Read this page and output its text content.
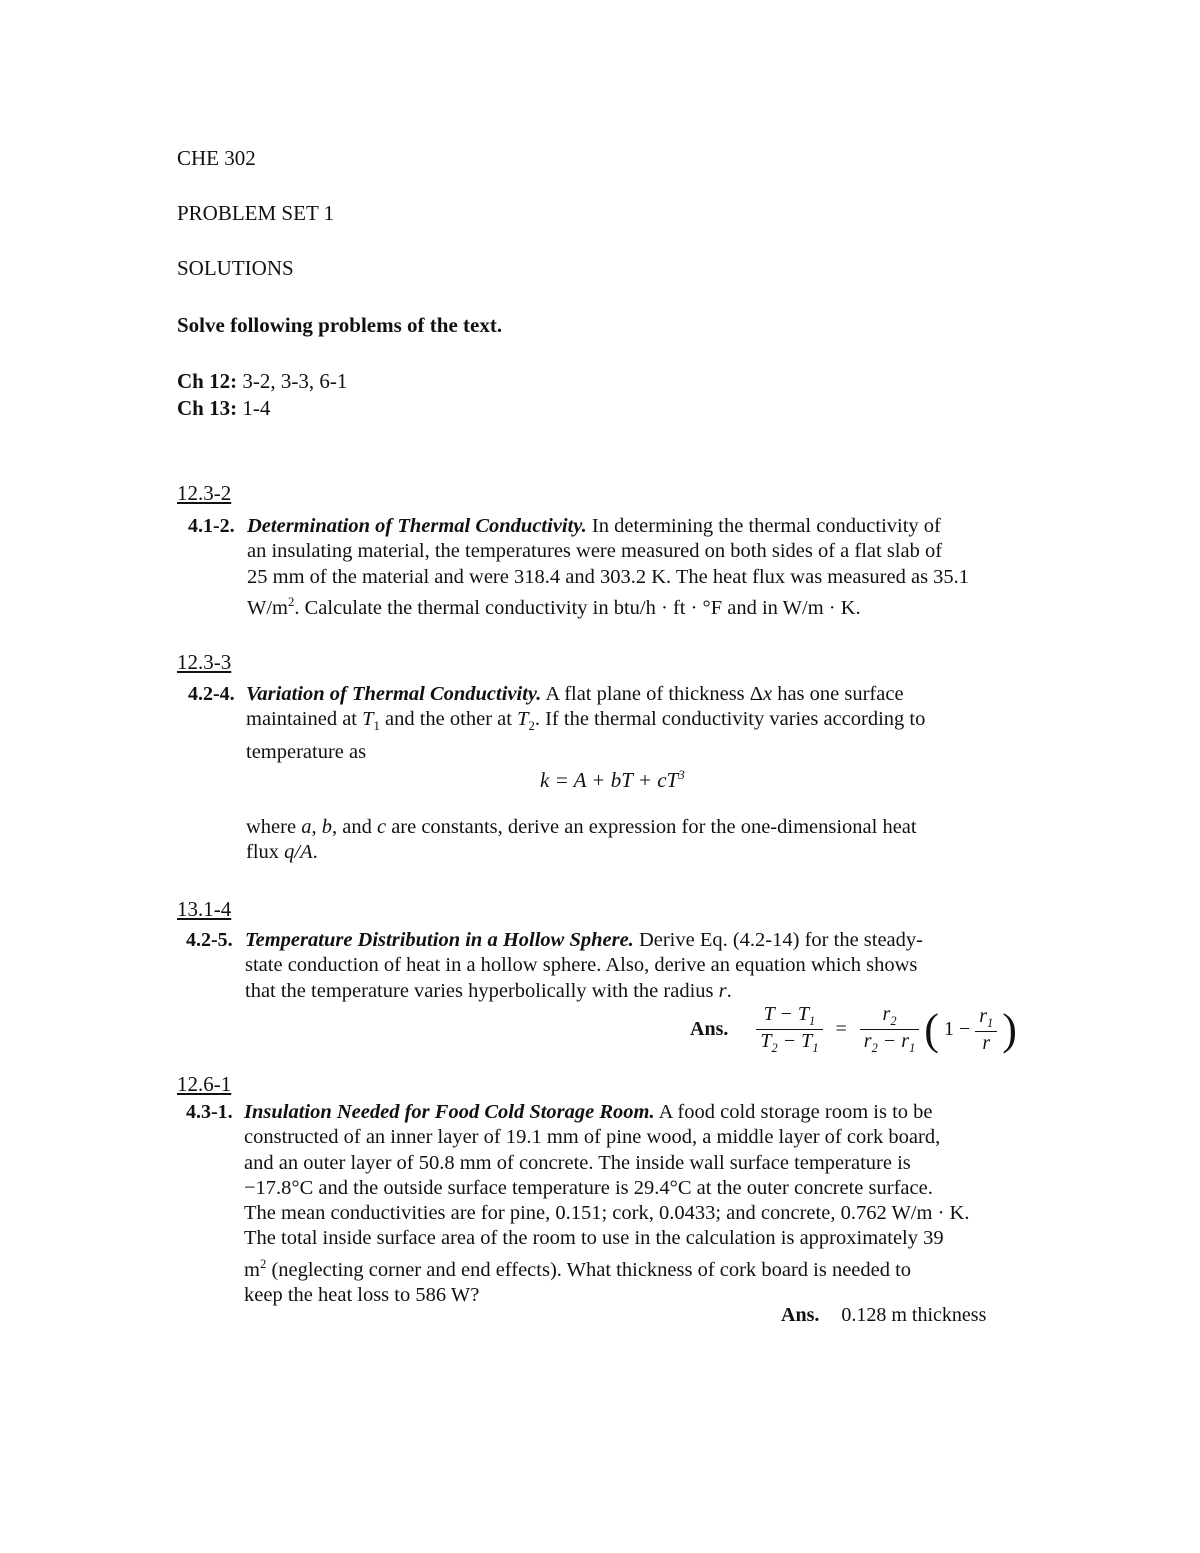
CHE 302
PROBLEM SET 1
SOLUTIONS
Solve following problems of the text.
Ch 12: 3-2, 3-3, 6-1
Ch 13: 1-4
12.3-2
4.1-2. Determination of Thermal Conductivity. In determining the thermal conductivity of
an insulating material, the temperatures were measured on both sides of a flat slab of
25 mm of the material and were 318.4 and 303.2 K. The heat flux was measured as 35.1
$W/m^2$. Calculate the thermal conductivity in btu/h · ft · °F and in W/m · K.
12.3-3
4.2-4. Variation of Thermal Conductivity. A flat plane of thickness Δx has one surface
maintained at $T_1$ and the other at $T_2$. If the thermal conductivity varies according to
temperature as
k = A + bT + $cT^3$
where a, b, and c are constants, derive an expression for the one-dimensional heat
flux q/A.
13.1-4
4.2-5. Temperature Distribution in a Hollow Sphere. Derive Eq. (4.2-14) for the steady-
state conduction of heat in a hollow sphere. Also, derive an equation which shows
that the temperature varies hyperbolically with the radius r.
Ans. $\frac{T - T_1}{T_2 - T_1} = \frac{r_2}{r_2 - r_1}$ ( $1 - \frac{r_1}{r}$ )
12.6-1
4.3-1. Insulation Needed for Food Cold Storage Room. A food cold storage room is to be
constructed of an inner layer of 19.1 mm of pine wood, a middle layer of cork board,
and an outer layer of 50.8 mm of concrete. The inside wall surface temperature is
−17.8°C and the outside surface temperature is 29.4°C at the outer concrete surface.
The mean conductivities are for pine, 0.151; cork, 0.0433; and concrete, 0.762 W/m · K.
The total inside surface area of the room to use in the calculation is approximately 39
$m^2$ (neglecting corner and end effects). What thickness of cork board is needed to
keep the heat loss to 586 W?
Ans. 0.128 m thickness
